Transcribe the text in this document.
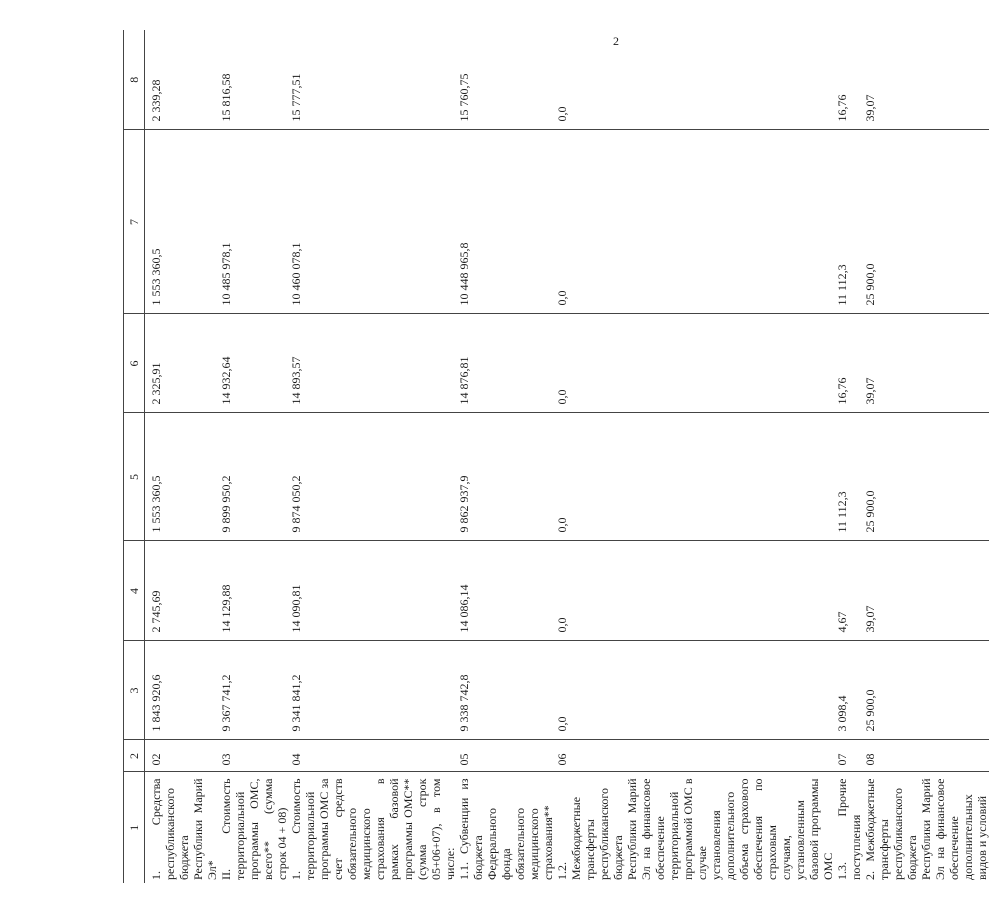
2
1	2	3	4	5	6	7	8
1. Средства республиканского бюджета Республики Марий Эл*	02	1 843 920,6	2 745,69	1 553 360,5	2 325,91	1 553 360,5	2 339,28
II. Стоимость территориальной программы ОМС, всего** (сумма строк 04 + 08)	03	9 367 741,2	14 129,88	9 899 950,2	14 932,64	10 485 978,1	15 816,58
1. Стоимость территориальной программы ОМС за счет средств обязательного медицинского страхования в рамках базовой программы ОМС** (сумма строк 05+06+07), в том числе:	04	9 341 841,2	14 090,81	9 874 050,2	14 893,57	10 460 078,1	15 777,51
1.1. Субвенции из бюджета Федерального фонда обязательного медицинского страхования**	05	9 338 742,8	14 086,14	9 862 937,9	14 876,81	10 448 965,8	15 760,75
1.2. Межбюджетные трансферты республиканского бюджета Республики Марий Эл на финансовое обеспечение территориальной программой ОМС в случае установления дополнительного объема страхового обеспечения по страховым случаям, установленным базовой программы ОМС	06	0,0	0,0	0,0	0,0	0,0	0,0
1.3. Прочие поступления	07	3 098,4	4,67	11 112,3	16,76	11 112,3	16,76
2. Межбюджетные трансферты республиканского бюджета Республики Марий Эл на финансовое обеспечение дополнительных видов и условий	08	25 900,0	39,07	25 900,0	39,07	25 900,0	39,07
